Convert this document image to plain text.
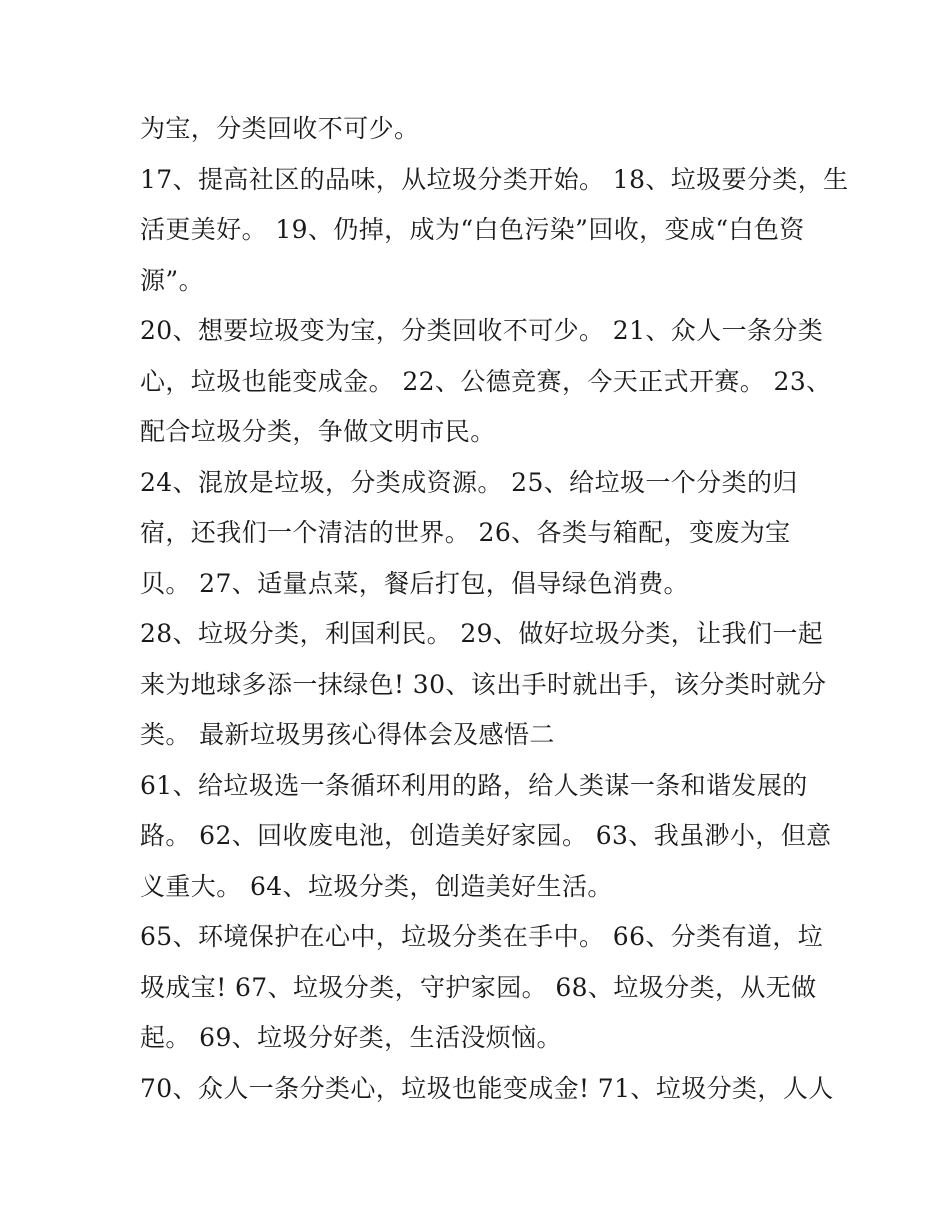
为宝，分类回收不可少。
17、提高社区的品味，从垃圾分类开始。 18、垃圾要分类，生
活更美好。 19、仍掉，成为“白色污染”回收，变成“白色资
源”。
20、想要垃圾变为宝，分类回收不可少。 21、众人一条分类
心，垃圾也能变成金。 22、公德竞赛，今天正式开赛。 23、
配合垃圾分类，争做文明市民。
24、混放是垃圾，分类成资源。 25、给垃圾一个分类的归
宿，还我们一个清洁的世界。 26、各类与箱配，变废为宝
贝。 27、适量点菜，餐后打包，倡导绿色消费。
28、垃圾分类，利国利民。 29、做好垃圾分类，让我们一起
来为地球多添一抹绿色! 30、该出手时就出手，该分类时就分
类。 最新垃圾男孩心得体会及感悟二
61、给垃圾选一条循环利用的路，给人类谋一条和谐发展的
路。 62、回收废电池，创造美好家园。 63、我虽渺小，但意
义重大。 64、垃圾分类，创造美好生活。
65、环境保护在心中，垃圾分类在手中。 66、分类有道，垃
圾成宝! 67、垃圾分类，守护家园。 68、垃圾分类，从无做
起。 69、垃圾分好类，生活没烦恼。
70、众人一条分类心，垃圾也能变成金! 71、垃圾分类，人人
